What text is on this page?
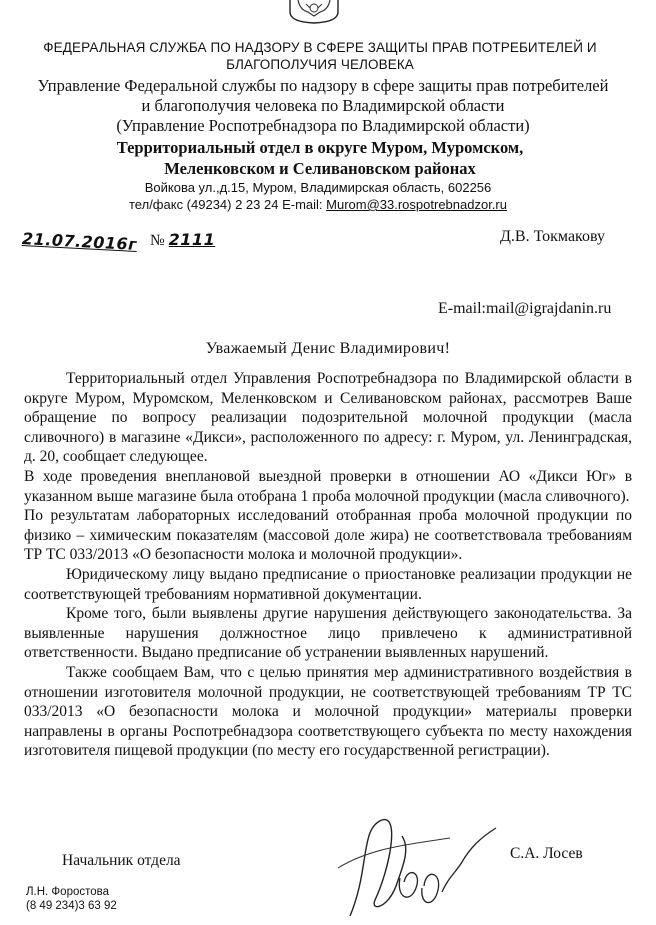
ФЕДЕРАЛЬНАЯ СЛУЖБА ПО НАДЗОРУ В СФЕРЕ ЗАЩИТЫ ПРАВ ПОТРЕБИТЕЛЕЙ И
БЛАГОПОЛУЧИЯ ЧЕЛОВЕКА
Управление Федеральной службы по надзору в сфере защиты прав потребителей
и благополучия человека по Владимирской области
(Управление Роспотребнадзора по Владимирской области)
Территориальный отдел в округе Муром, Муромском,
Меленковском и Селивановском районах
Войкова ул.,д.15, Муром, Владимирская область, 602256
тел/факс (49234) 2 23 24 E-mail: Murom@33.rospotrebnadzor.ru
21.07.2016г № 2111	Д.В. Токмакову
E-mail:mail@igrajdanin.ru
Уважаемый Денис Владимирович!

Территориальный отдел Управления Роспотребнадзора по Владимирской области в округе Муром, Муромском, Меленковском и Селивановском районах, рассмотрев Ваше обращение по вопросу реализации подозрительной молочной продукции (масла сливочного) в магазине «Дикси», расположенного по адресу: г. Муром, ул. Ленинградская, д. 20, сообщает следующее.

В ходе проведения внеплановой выездной проверки в отношении АО «Дикси Юг» в указанном выше магазине была отобрана 1 проба молочной продукции (масла сливочного).

По результатам лабораторных исследований отобранная проба молочной продукции по физико – химическим показателям (массовой доле жира) не соответствовала требованиям ТР ТС 033/2013 «О безопасности молока и молочной продукции».

Юридическому лицу выдано предписание о приостановке реализации продукции не соответствующей требованиям нормативной документации.

Кроме того, были выявлены другие нарушения действующего законодательства. За выявленные нарушения должностное лицо привлечено к административной ответственности. Выдано предписание об устранении выявленных нарушений.

Также сообщаем Вам, что с целью принятия мер административного воздействия в отношении изготовителя молочной продукции, не соответствующей требованиям ТР ТС 033/2013 «О безопасности молока и молочной продукции» материалы проверки направлены в органы Роспотребнадзора соответствующего субъекта по месту нахождения изготовителя пищевой продукции (по месту его государственной регистрации).

Начальник отдела	С.А. Лосев
Л.Н. Форостова
(8 49 234)3 63 92
